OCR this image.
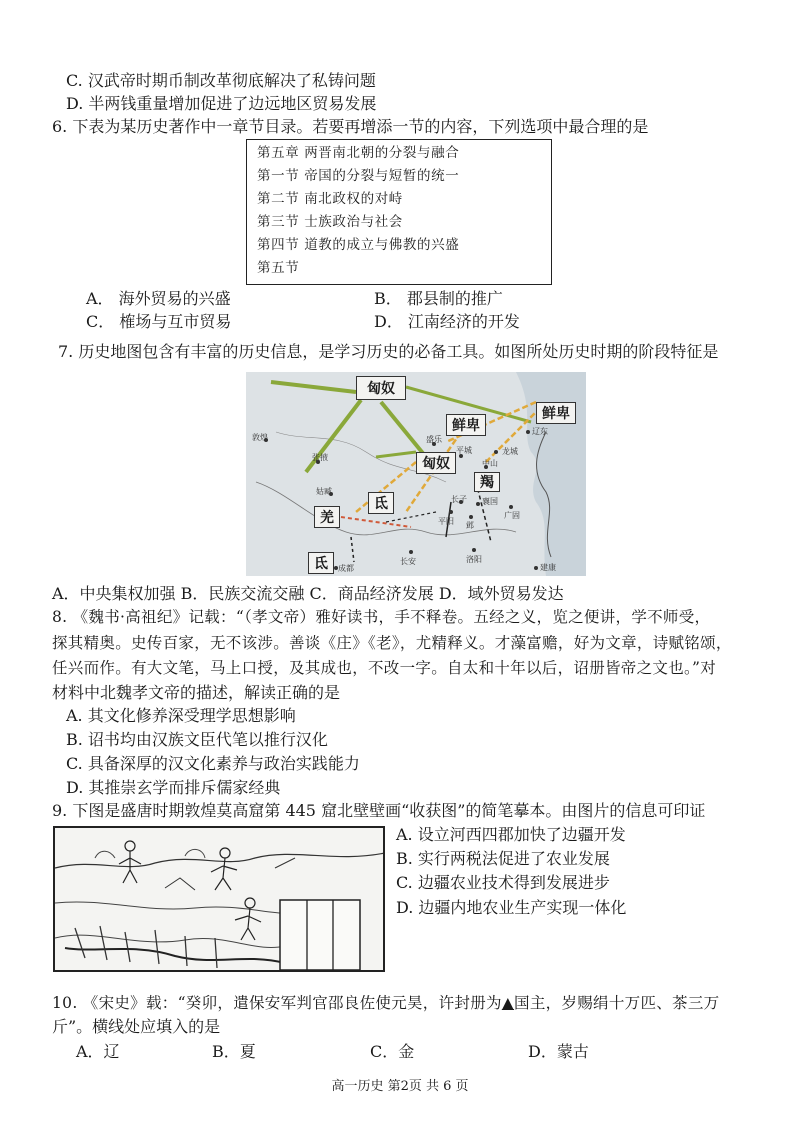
C. 汉武帝时期币制改革彻底解决了私铸问题
D. 半两钱重量增加促进了边远地区贸易发展
6. 下表为某历史著作中一章节目录。若要再增添一节的内容，下列选项中最合理的是
第五章 两晋南北朝的分裂与融合
第一节 帝国的分裂与短暂的统一
第二节 南北政权的对峙
第三节 士族政治与社会
第四节 道教的成立与佛教的兴盛
第五节
A． 海外贸易的兴盛	B． 郡县制的推广
C． 榷场与互市贸易	D． 江南经济的开发
7. 历史地图包含有丰富的历史信息，是学习历史的必备工具。如图所处历史时期的阶段特征是
匈奴
鲜卑
鲜卑
匈奴
羯
氐
羌
氐
敦煌
张掖
姑臧
盛乐
平城
中山
辽东
龙城
长安	洛阳
平阳
长子
邺
襄国
广固
成都	建康
A．中央集权加强 B．民族交流交融 C．商品经济发展 D．域外贸易发达
8. 《魏书·高祖纪》记载：“（孝文帝）雅好读书，手不释卷。五经之义，览之便讲，学不师受，
探其精奥。史传百家，无不该涉。善谈《庄》《老》，尤精释义。才藻富赡，好为文章，诗赋铭颂，
任兴而作。有大文笔，马上口授，及其成也，不改一字。自太和十年以后，诏册皆帝之文也。”对
材料中北魏孝文帝的描述，解读正确的是
A. 其文化修养深受理学思想影响
B. 诏书均由汉族文臣代笔以推行汉化
C. 具备深厚的汉文化素养与政治实践能力
D. 其推崇玄学而排斥儒家经典
9. 下图是盛唐时期敦煌莫高窟第 445 窟北壁壁画“收获图”的简笔摹本。由图片的信息可印证
A. 设立河西四郡加快了边疆开发
B. 实行两税法促进了农业发展
C. 边疆农业技术得到发展进步
D. 边疆内地农业生产实现一体化
10. 《宋史》载：“癸卯，遣保安军判官邵良佐使元昊，许封册为▲国主，岁赐绢十万匹、茶三万
斤”。横线处应填入的是
A．辽	B．夏	C．金	D．蒙古
高一历史 第2页 共 6 页
